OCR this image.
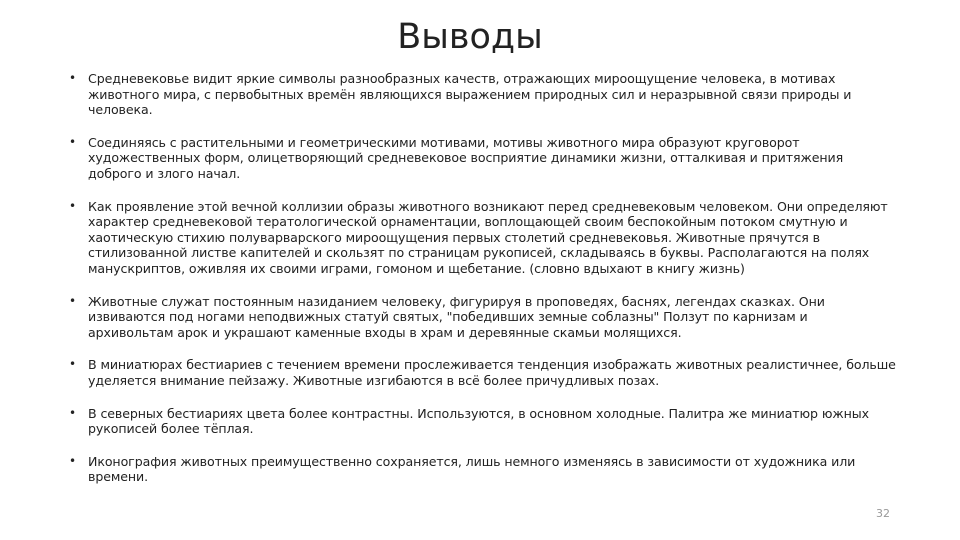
Выводы
• Средневековье видит яркие символы разнообразных качеств, отражающих мироощущение человека, в мотивах животного мира, с первобытных времён являющихся выражением природных сил и неразрывной связи природы и человека.
• Соединяясь с растительными и геометрическими мотивами, мотивы животного мира образуют круговорот художественных форм, олицетворяющий средневековое восприятие динамики жизни, отталкивая и притяжения доброго и злого начал.
• Как проявление этой вечной коллизии образы животного возникают перед средневековым человеком. Они определяют характер средневековой тератологической орнаментации, воплощающей своим беспокойным потоком смутную и хаотическую стихию полуварварского мироощущения первых столетий средневековья. Животные прячутся в стилизованной листве капителей и скользят по страницам рукописей, складываясь в буквы. Располагаются на полях манускриптов, оживляя их своими играми, гомоном и щебетание. (словно вдыхают в книгу жизнь)
• Животные служат постоянным назиданием человеку, фигурируя в проповедях, баснях, легендах сказках. Они извиваются под ногами неподвижных статуй святых, "победивших земные соблазны" Ползут по карнизам и архивольтам арок и украшают каменные входы в храм и деревянные скамьи молящихся.
• В миниатюрах бестиариев с течением времени прослеживается тенденция изображать животных реалистичнее, больше уделяется внимание пейзажу. Животные изгибаются в всё более причудливых позах.
• В северных бестиариях цвета более контрастны. Используются, в основном холодные. Палитра же миниатюр южных рукописей более тёплая.
• Иконография животных преимущественно сохраняется, лишь немного изменяясь в зависимости от художника или времени.
32
